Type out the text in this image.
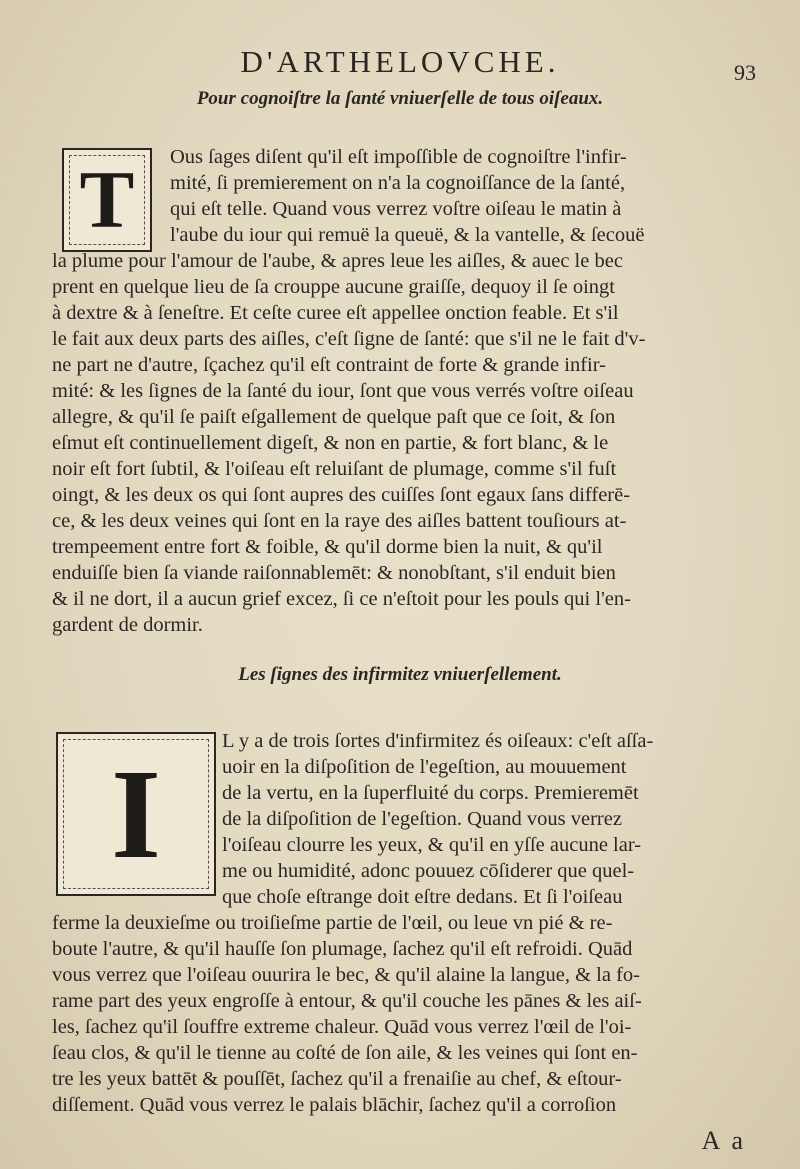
D'ARTHELOVCHE.	93
Pour cognoiſtre la ſanté vniuerſelle de tous oiſeaux.
T	Ous ſages diſent qu'il eſt impoſſible de cognoiſtre l'infir-
mité, ſi premierement on n'a la cognoiſſance de la ſanté,
qui eſt telle. Quand vous verrez voſtre oiſeau le matin à
l'aube du iour qui remuë la queuë, & la vantelle, & ſecouë
la plume pour l'amour de l'aube, & apres leue les aiſles, & auec le bec
prent en quelque lieu de ſa crouppe aucune graiſſe, dequoy il ſe oingt
à dextre & à ſeneſtre. Et ceſte curee eſt appellee onction feable. Et s'il
le fait aux deux parts des aiſles, c'eſt ſigne de ſanté: que s'il ne le fait d'v-
ne part ne d'autre, ſçachez qu'il eſt contraint de forte & grande infir-
mité: & les ſignes de la ſanté du iour, ſont que vous verrés voſtre oiſeau
allegre, & qu'il ſe paiſt eſgallement de quelque paſt que ce ſoit, & ſon
eſmut eſt continuellement digeſt, & non en partie, & fort blanc, & le
noir eſt fort ſubtil, & l'oiſeau eſt reluiſant de plumage, comme s'il fuſt
oingt, & les deux os qui ſont aupres des cuiſſes ſont egaux ſans differē-
ce, & les deux veines qui ſont en la raye des aiſles battent touſiours at-
trempeement entre fort & foible, & qu'il dorme bien la nuit, & qu'il
enduiſſe bien ſa viande raiſonnablemēt: & nonobſtant, s'il enduit bien
& il ne dort, il a aucun grief excez, ſi ce n'eſtoit pour les pouls qui l'en-
gardent de dormir.
Les ſignes des infirmitez vniuerſellement.
I
L y a de trois ſortes d'infirmitez és oiſeaux: c'eſt aſſa-
uoir en la diſpoſition de l'egeſtion, au mouuement
de la vertu, en la ſuperfluité du corps. Premieremēt
de la diſpoſition de l'egeſtion. Quand vous verrez
l'oiſeau clourre les yeux, & qu'il en yſſe aucune lar-
me ou humidité, adonc pouuez cōſiderer que quel-
que choſe eſtrange doit eſtre dedans. Et ſi l'oiſeau
ferme la deuxieſme ou troiſieſme partie de l'œil, ou leue vn pié & re-
boute l'autre, & qu'il hauſſe ſon plumage, ſachez qu'il eſt refroidi. Quād
vous verrez que l'oiſeau ouurira le bec, & qu'il alaine la langue, & la fo-
rame part des yeux engroſſe à entour, & qu'il couche les pānes & les aiſ-
les, ſachez qu'il ſouffre extreme chaleur. Quād vous verrez l'œil de l'oi-
ſeau clos, & qu'il le tienne au coſté de ſon aile, & les veines qui ſont en-
tre les yeux battēt & pouſſēt, ſachez qu'il a frenaiſie au chef, & eſtour-
diſſement. Quād vous verrez le palais blāchir, ſachez qu'il a corroſion
A a
